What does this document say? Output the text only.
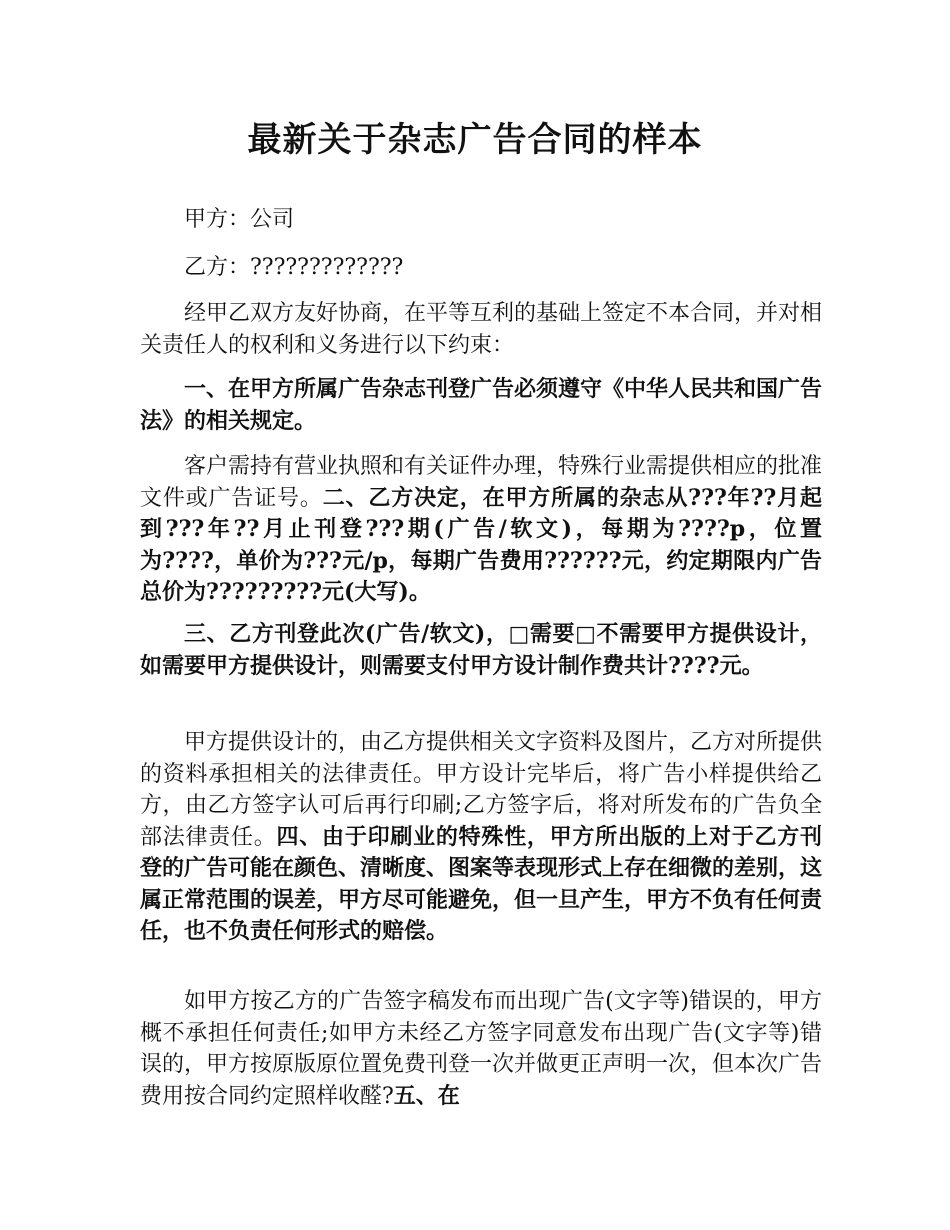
最新关于杂志广告合同的样本
甲方：公司
乙方：?????????????
经甲乙双方友好协商，在平等互利的基础上签定不本合同，并对相关责任人的权利和义务进行以下约束：
一、在甲方所属广告杂志刊登广告必须遵守《中华人民共和国广告法》的相关规定。
客户需持有营业执照和有关证件办理，特殊行业需提供相应的批准文件或广告证号。二、乙方决定，在甲方所属的杂志从???年??月起到???年??月止刊登???期(广告/软文)，每期为????p，位置为????，单价为???元/p，每期广告费用??????元，约定期限内广告总价为?????????元(大写)。
三、乙方刊登此次(广告/软文)，□需要□不需要甲方提供设计，如需要甲方提供设计，则需要支付甲方设计制作费共计????元。
甲方提供设计的，由乙方提供相关文字资料及图片，乙方对所提供的资料承担相关的法律责任。甲方设计完毕后，将广告小样提供给乙方，由乙方签字认可后再行印刷;乙方签字后，将对所发布的广告负全部法律责任。四、由于印刷业的特殊性，甲方所出版的上对于乙方刊登的广告可能在颜色、清晰度、图案等表现形式上存在细微的差别，这属正常范围的误差，甲方尽可能避免，但一旦产生，甲方不负有任何责任，也不负责任何形式的赔偿。
如甲方按乙方的广告签字稿发布而出现广告(文字等)错误的，甲方概不承担任何责任;如甲方未经乙方签字同意发布出现广告(文字等)错误的，甲方按原版原位置免费刊登一次并做更正声明一次，但本次广告费用按合同约定照样收醛?五、在
